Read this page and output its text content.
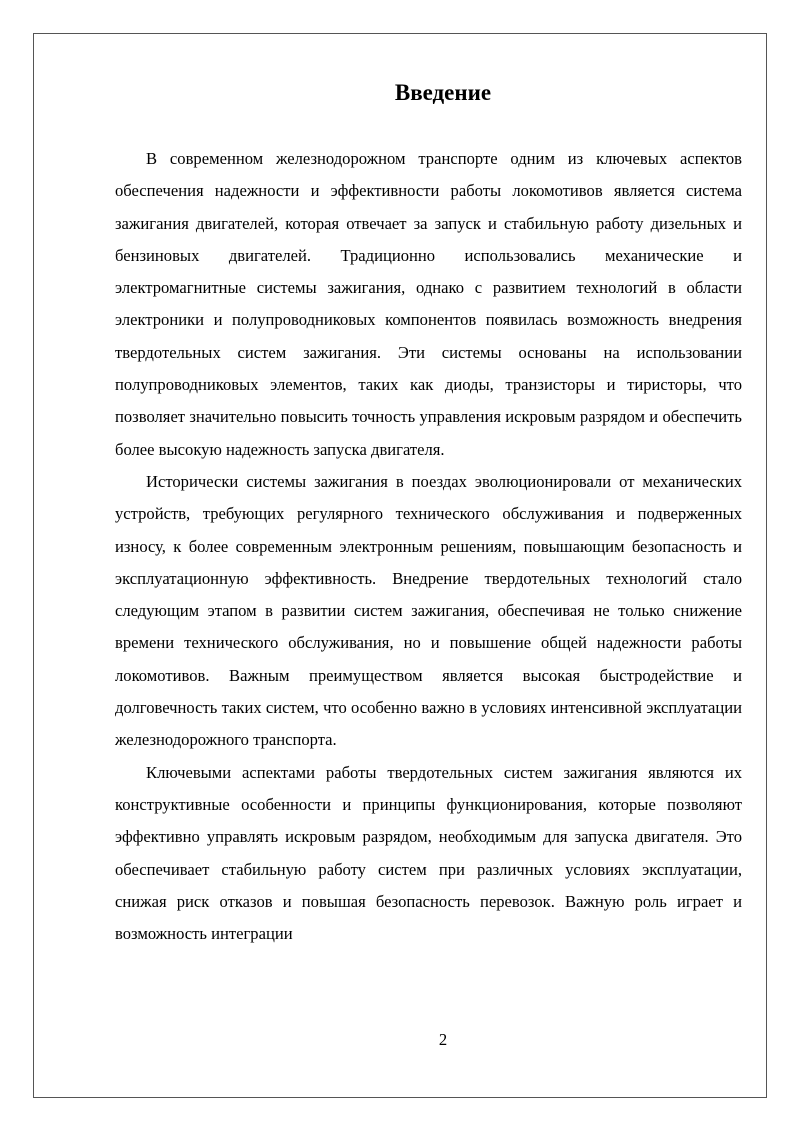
Введение

В современном железнодорожном транспорте одним из ключевых аспектов обеспечения надежности и эффективности работы локомотивов является система зажигания двигателей, которая отвечает за запуск и стабильную работу дизельных и бензиновых двигателей. Традиционно использовались механические и электромагнитные системы зажигания, однако с развитием технологий в области электроники и полупроводниковых компонентов появилась возможность внедрения твердотельных систем зажигания. Эти системы основаны на использовании полупроводниковых элементов, таких как диоды, транзисторы и тиристоры, что позволяет значительно повысить точность управления искровым разрядом и обеспечить более высокую надежность запуска двигателя.

Исторически системы зажигания в поездах эволюционировали от механических устройств, требующих регулярного технического обслуживания и подверженных износу, к более современным электронным решениям, повышающим безопасность и эксплуатационную эффективность. Внедрение твердотельных технологий стало следующим этапом в развитии систем зажигания, обеспечивая не только снижение времени технического обслуживания, но и повышение общей надежности работы локомотивов. Важным преимуществом является высокая быстродействие и долговечность таких систем, что особенно важно в условиях интенсивной эксплуатации железнодорожного транспорта.

Ключевыми аспектами работы твердотельных систем зажигания являются их конструктивные особенности и принципы функционирования, которые позволяют эффективно управлять искровым разрядом, необходимым для запуска двигателя. Это обеспечивает стабильную работу систем при различных условиях эксплуатации, снижая риск отказов и повышая безопасность перевозок. Важную роль играет и возможность интеграции

2
